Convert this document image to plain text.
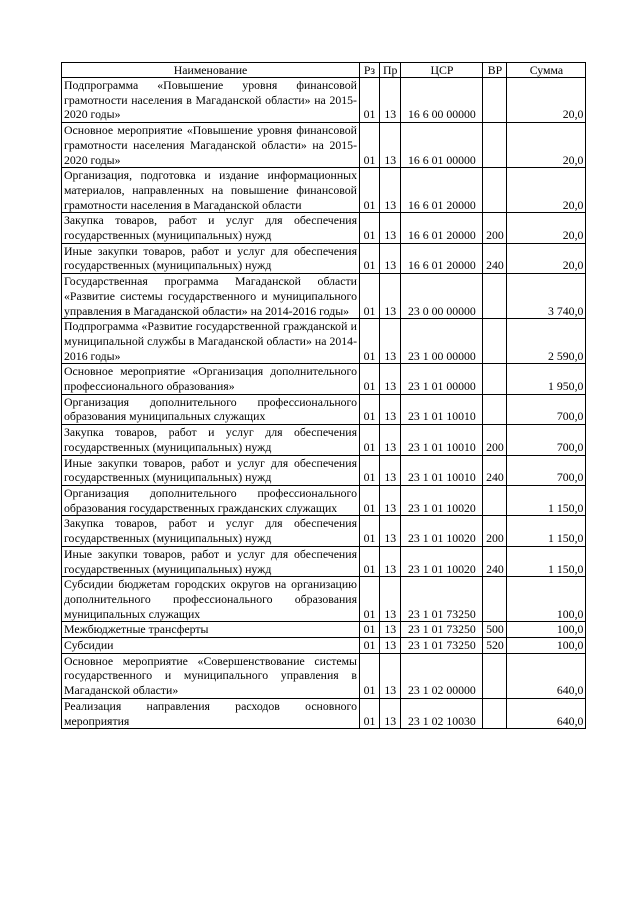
Наименование	Рз	Пр	ЦСР	ВР	Сумма
Подпрограмма «Повышение уровня финансовой грамотности населения в Магаданской области» на 2015-2020 годы»	01	13	16 6 00 00000		20,0
Основное мероприятие «Повышение уровня финансовой грамотности населения Магаданской области» на 2015-2020 годы»	01	13	16 6 01 00000		20,0
Организация, подготовка и издание информационных материалов, направленных на повышение финансовой грамотности населения в Магаданской области	01	13	16 6 01 20000		20,0
Закупка товаров, работ и услуг для обеспечения государственных (муниципальных) нужд	01	13	16 6 01 20000	200	20,0
Иные закупки товаров, работ и услуг для обеспечения государственных (муниципальных) нужд	01	13	16 6 01 20000	240	20,0
Государственная программа Магаданской области «Развитие системы государственного и муниципального управления в Магаданской области» на 2014-2016 годы»	01	13	23 0 00 00000		3 740,0
Подпрограмма «Развитие государственной гражданской и муниципальной службы в Магаданской области» на 2014-2016 годы»	01	13	23 1 00 00000		2 590,0
Основное мероприятие «Организация дополнительного профессионального образования»	01	13	23 1 01 00000		1 950,0
Организация дополнительного профессионального образования муниципальных служащих	01	13	23 1 01 10010		700,0
Закупка товаров, работ и услуг для обеспечения государственных (муниципальных) нужд	01	13	23 1 01 10010	200	700,0
Иные закупки товаров, работ и услуг для обеспечения государственных (муниципальных) нужд	01	13	23 1 01 10010	240	700,0
Организация дополнительного профессионального образования государственных гражданских служащих	01	13	23 1 01 10020		1 150,0
Закупка товаров, работ и услуг для обеспечения государственных (муниципальных) нужд	01	13	23 1 01 10020	200	1 150,0
Иные закупки товаров, работ и услуг для обеспечения государственных (муниципальных) нужд	01	13	23 1 01 10020	240	1 150,0
Субсидии бюджетам городских округов на организацию дополнительного профессионального образования муниципальных служащих	01	13	23 1 01 73250		100,0
Межбюджетные трансферты	01	13	23 1 01 73250	500	100,0
Субсидии	01	13	23 1 01 73250	520	100,0
Основное мероприятие «Совершенствование системы государственного и муниципального управления в Магаданской области»	01	13	23 1 02 00000		640,0
Реализация направления расходов основного мероприятия	01	13	23 1 02 10030		640,0
